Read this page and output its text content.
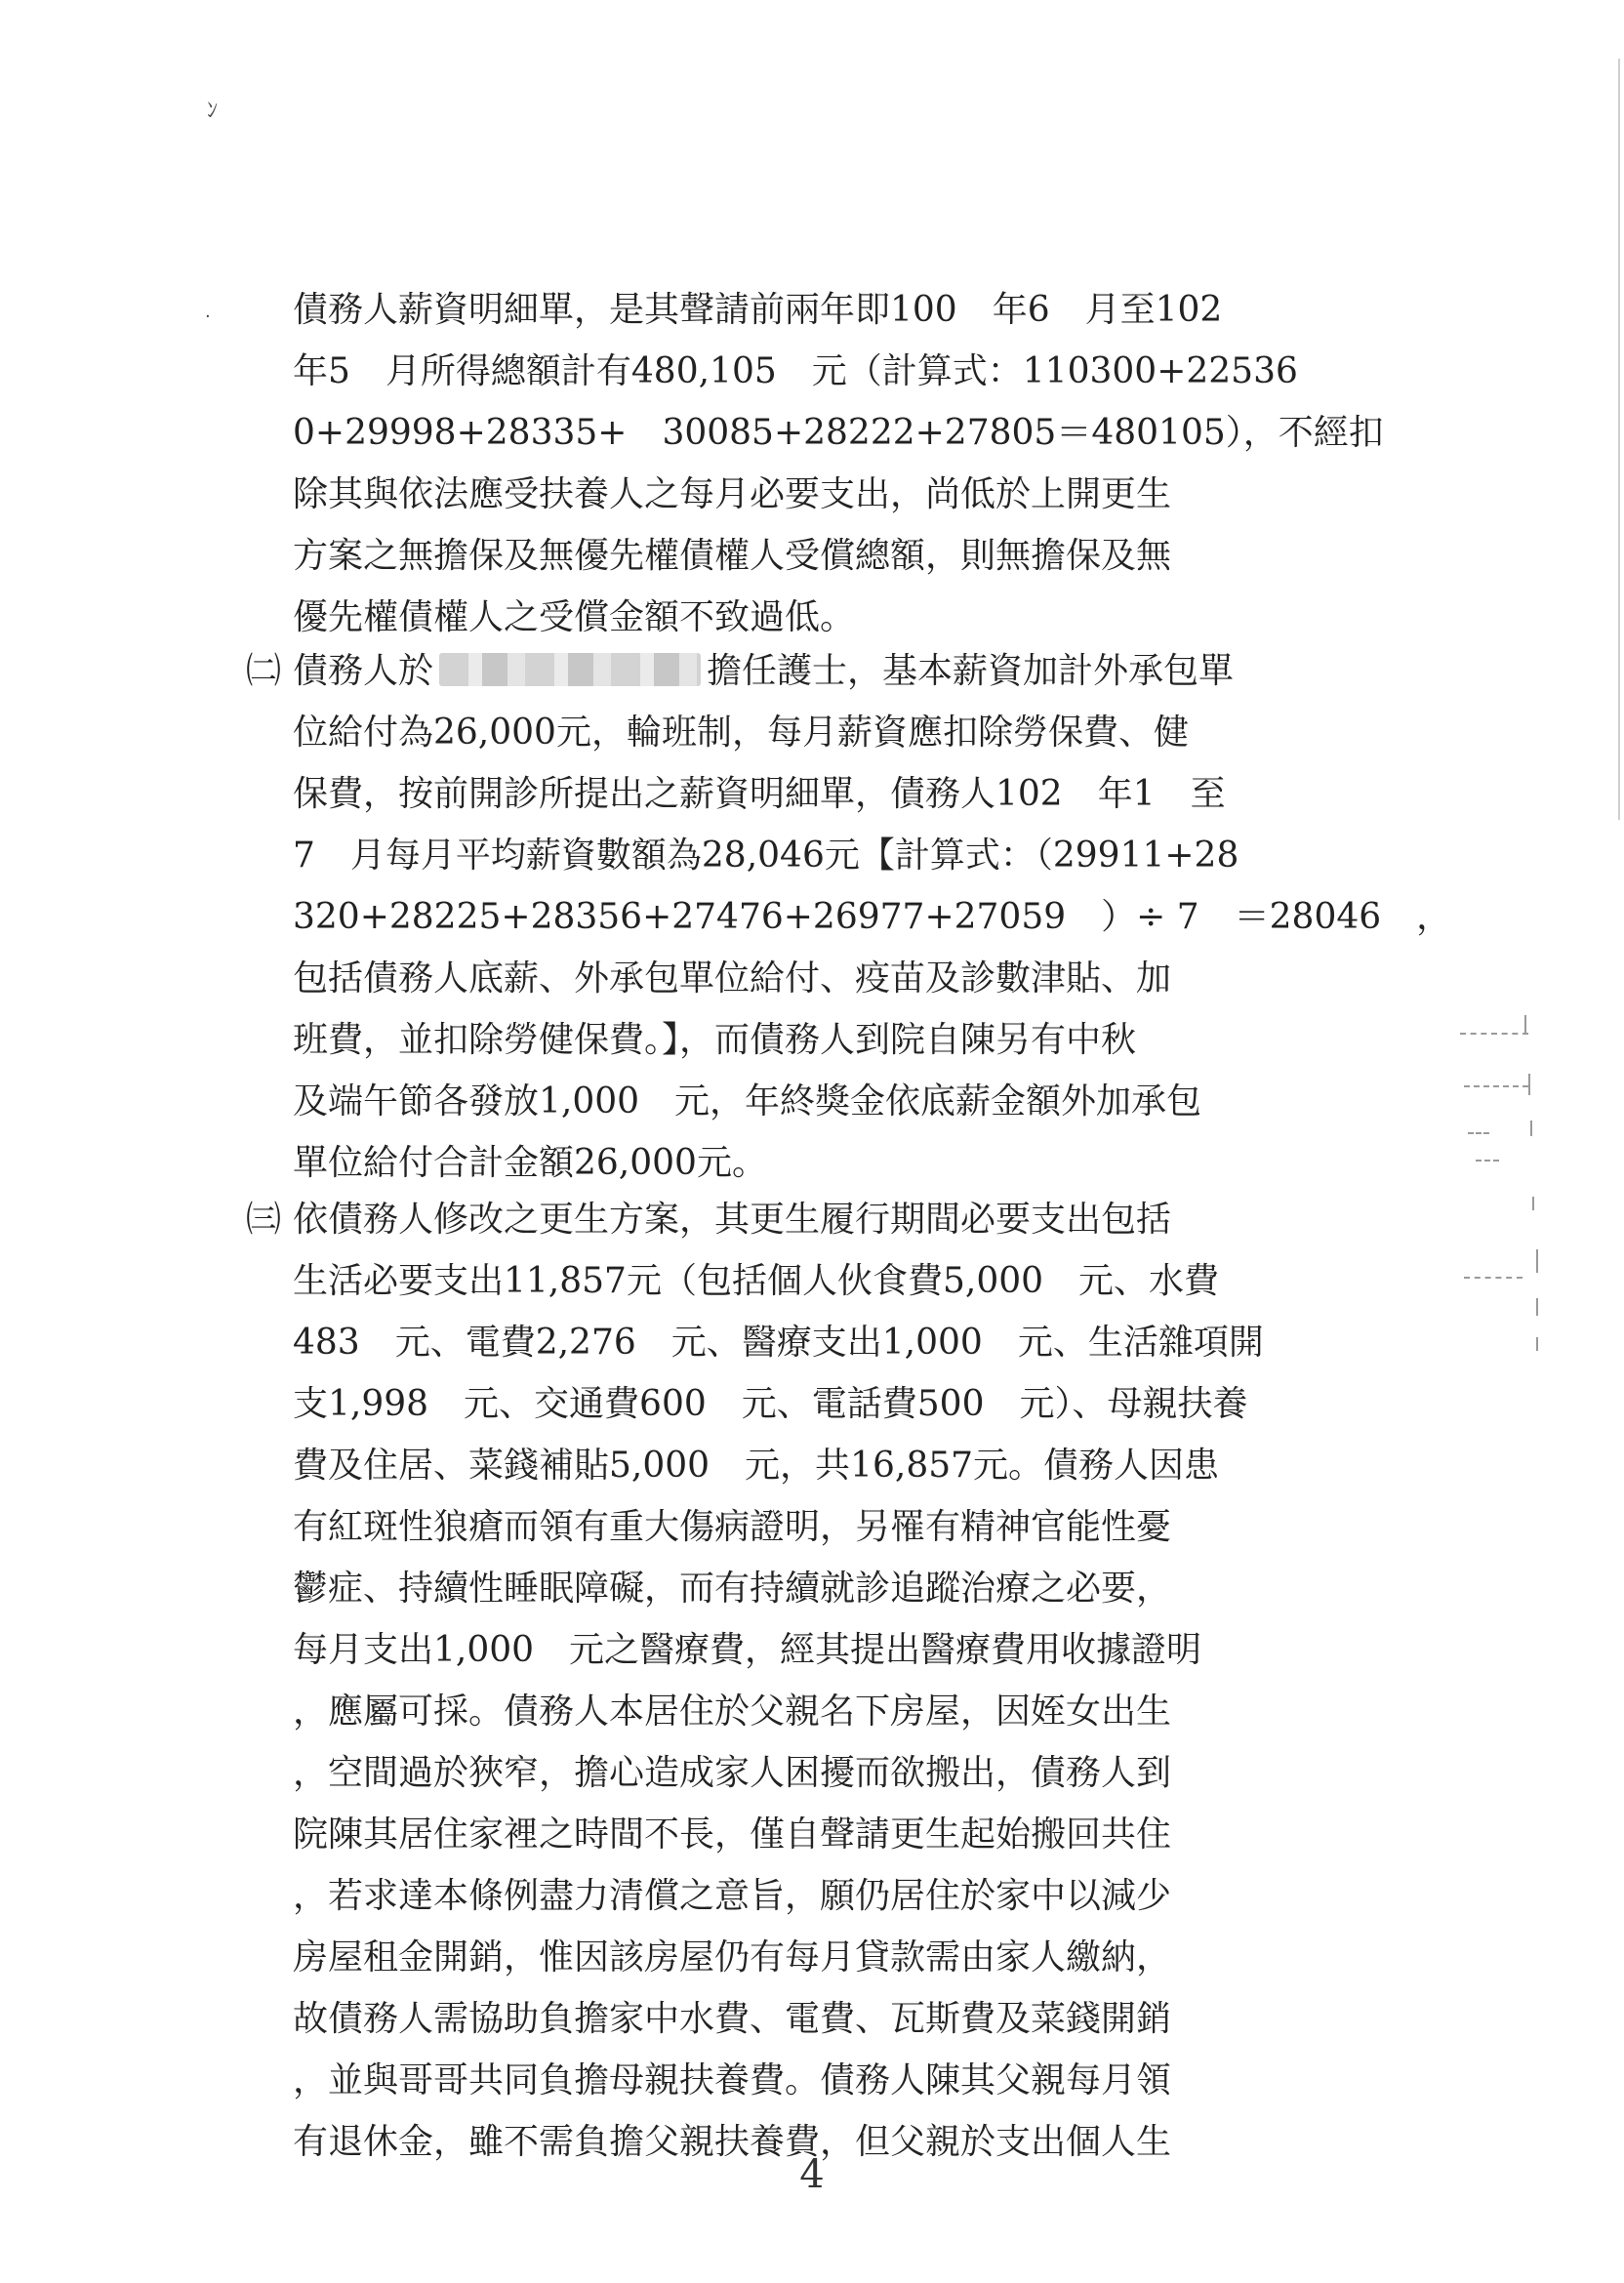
ﾝ
· 債務人薪資明細單，是其聲請前兩年即100　年6　月至102
年5　月所得總額計有480,105　元（計算式：110300+22536
0+29998+28335+　30085+28222+27805＝480105），不經扣
除其與依法應受扶養人之每月必要支出，尚低於上開更生
方案之無擔保及無優先權債權人受償總額，則無擔保及無
優先權債權人之受償金額不致過低。
㈡ 債務人於	擔任護士，基本薪資加計外承包單
位給付為26,000元，輪班制，每月薪資應扣除勞保費、健
保費，按前開診所提出之薪資明細單，債務人102　年1　至
7　月每月平均薪資數額為28,046元【計算式：（29911+28
320+28225+28356+27476+26977+27059　）÷ 7　＝28046　，
包括債務人底薪、外承包單位給付、疫苗及診數津貼、加
班費，並扣除勞健保費。】，而債務人到院自陳另有中秋
及端午節各發放1,000　元，年終獎金依底薪金額外加承包
單位給付合計金額26,000元。
㈢ 依債務人修改之更生方案，其更生履行期間必要支出包括
生活必要支出11,857元（包括個人伙食費5,000　元、水費
483　元、電費2,276　元、醫療支出1,000　元、生活雜項開
支1,998　元、交通費600　元、電話費500　元）、母親扶養
費及住居、菜錢補貼5,000　元，共16,857元。債務人因患
有紅斑性狼瘡而領有重大傷病證明，另罹有精神官能性憂
鬱症、持續性睡眠障礙，而有持續就診追蹤治療之必要，
每月支出1,000　元之醫療費，經其提出醫療費用收據證明
，應屬可採。債務人本居住於父親名下房屋，因姪女出生
，空間過於狹窄，擔心造成家人困擾而欲搬出，債務人到
院陳其居住家裡之時間不長，僅自聲請更生起始搬回共住
，若求達本條例盡力清償之意旨，願仍居住於家中以減少
房屋租金開銷，惟因該房屋仍有每月貸款需由家人繳納，
故債務人需協助負擔家中水費、電費、瓦斯費及菜錢開銷
，並與哥哥共同負擔母親扶養費。債務人陳其父親每月領
有退休金，雖不需負擔父親扶養費，但父親於支出個人生
4
